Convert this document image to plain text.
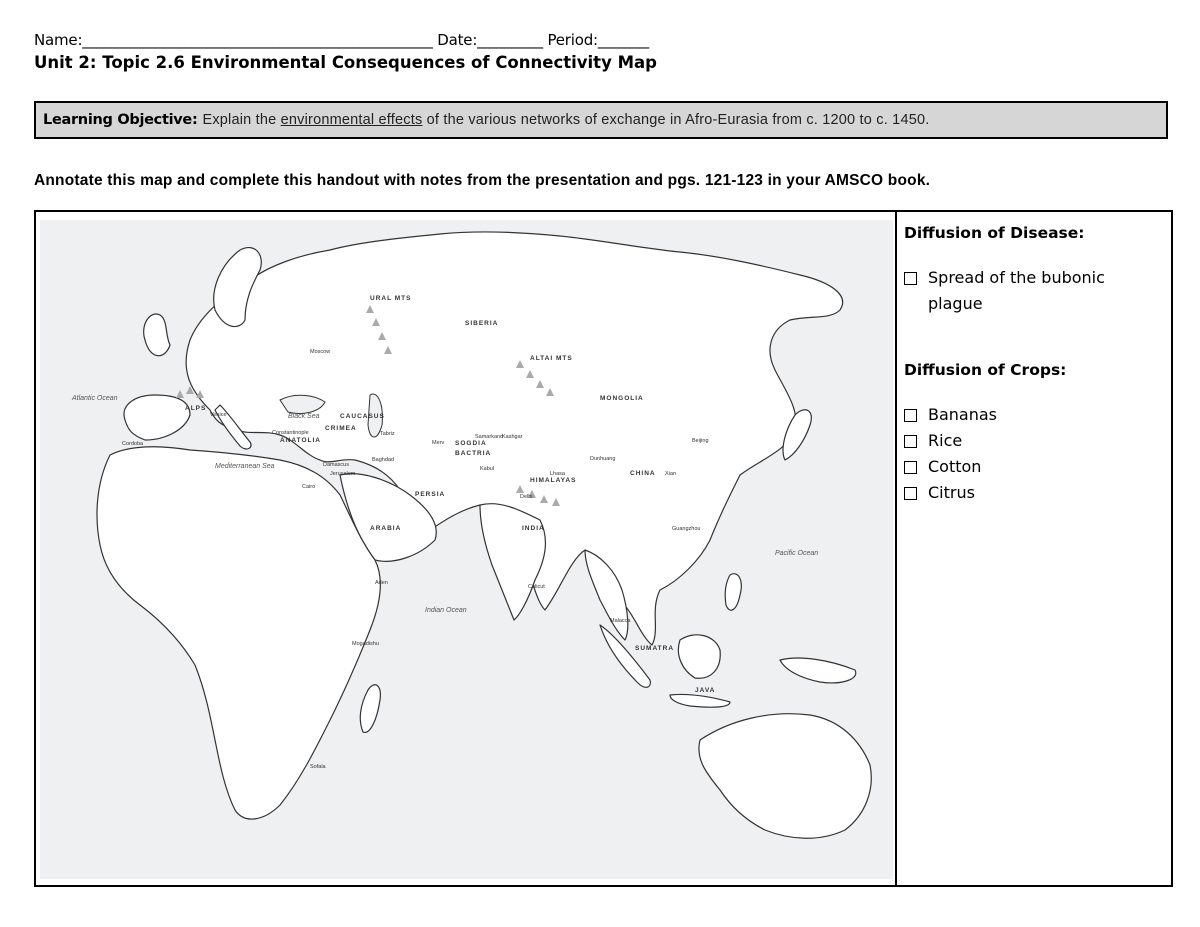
Name:________________________________________________ Date:_________ Period:_______
Unit 2: Topic 2.6 Environmental Consequences of Connectivity Map
Learning Objective: Explain the environmental effects of the various networks of exchange in Afro-Eurasia from c. 1200 to c. 1450.
Annotate this map and complete this handout with notes from the presentation and pgs. 121-123 in your AMSCO book.
SIBERIA
MONGOLIA
CHINA
PERSIA
ARABIA	INDIA
SOGDIA
BACTRIA
ANATOLIA
CRIMEA
CAUCASUS
ALTAI MTS
URAL MTS
HIMALAYAS
ALPS
SUMATRA
JAVA
Atlantic Ocean
Indian Ocean
Pacific Ocean
Mediterranean Sea
Black Sea
Moscow
Constantinople
Baghdad
Jerusalem
Samarkand
Merv
Kabul
Delhi
Beijing
Dunhuang
Xian
Calicut
Aden
Mogadishu
Sofala
Cordoba
Venice
Damascus
Cairo
Tabriz	Kashgar
Lhasa
Guangzhou
Malacca

Diffusion of Disease:

Spread of the bubonic
plague

Diffusion of Crops:

Bananas
Rice
Cotton
Citrus
